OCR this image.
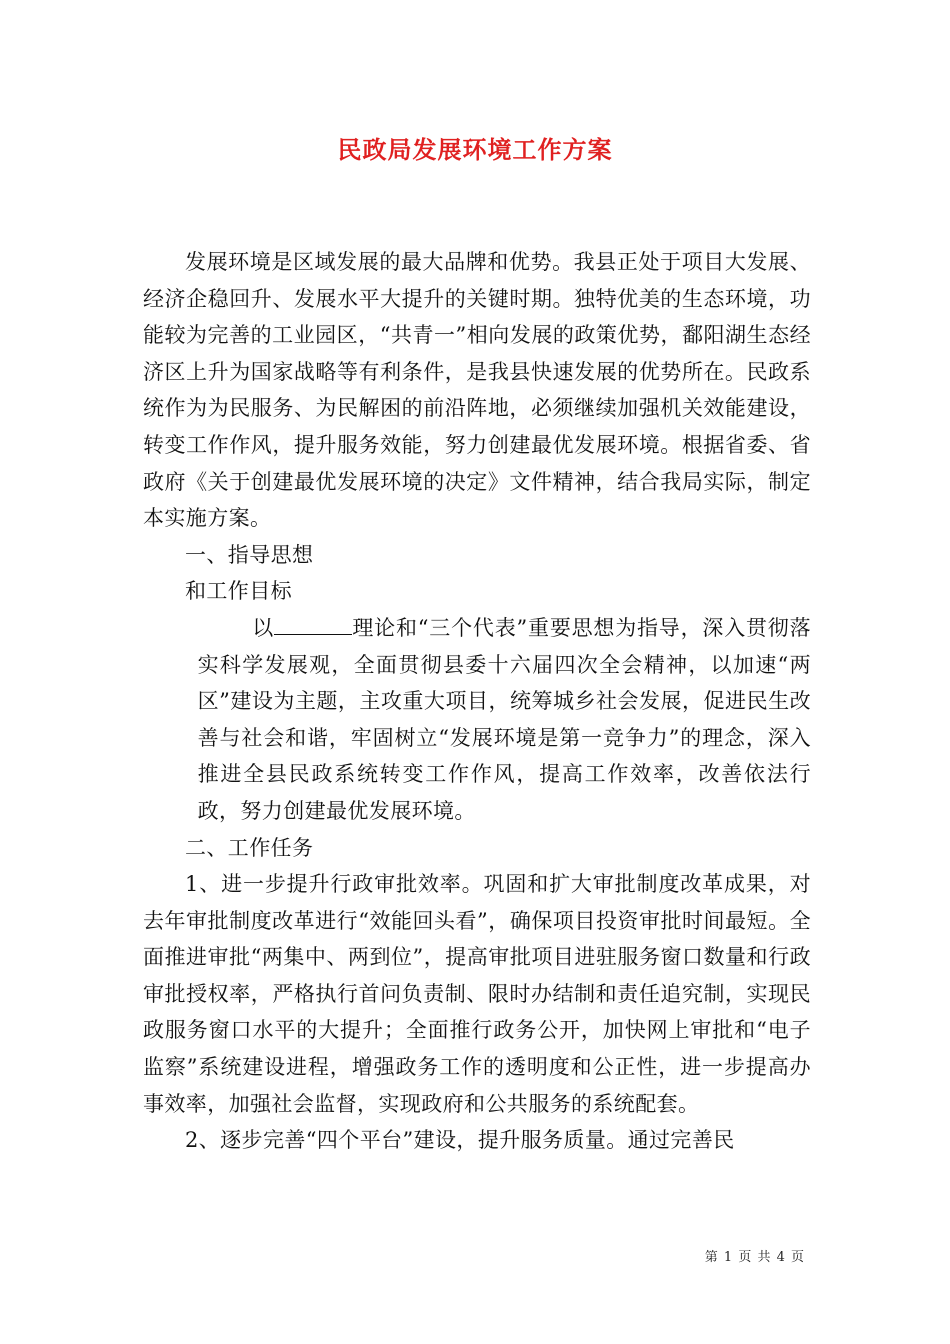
民政局发展环境工作方案

发展环境是区域发展的最大品牌和优势。我县正处于项目大发展、经济企稳回升、发展水平大提升的关键时期。独特优美的生态环境，功能较为完善的工业园区，“共青一”相向发展的政策优势，鄱阳湖生态经济区上升为国家战略等有利条件，是我县快速发展的优势所在。民政系统作为为民服务、为民解困的前沿阵地，必须继续加强机关效能建设，转变工作作风，提升服务效能，努力创建最优发展环境。根据省委、省政府《关于创建最优发展环境的决定》文件精神，结合我局实际，制定本实施方案。

一、指导思想

和工作目标

以	理论和“三个代表”重要思想为指导，深入贯彻落实科学发展观，全面贯彻县委十六届四次全会精神，以加速“两区”建设为主题，主攻重大项目，统筹城乡社会发展，促进民生改善与社会和谐，牢固树立“发展环境是第一竞争力”的理念，深入推进全县民政系统转变工作作风，提高工作效率，改善依法行政，努力创建最优发展环境。

二、工作任务

1、进一步提升行政审批效率。巩固和扩大审批制度改革成果，对去年审批制度改革进行“效能回头看”，确保项目投资审批时间最短。全面推进审批“两集中、两到位”，提高审批项目进驻服务窗口数量和行政审批授权率，严格执行首问负责制、限时办结制和责任追究制，实现民政服务窗口水平的大提升；全面推行政务公开，加快网上审批和“电子监察”系统建设进程，增强政务工作的透明度和公正性，进一步提高办事效率，加强社会监督，实现政府和公共服务的系统配套。

2、逐步完善“四个平台”建设，提升服务质量。通过完善民

第 1 页 共 4 页
